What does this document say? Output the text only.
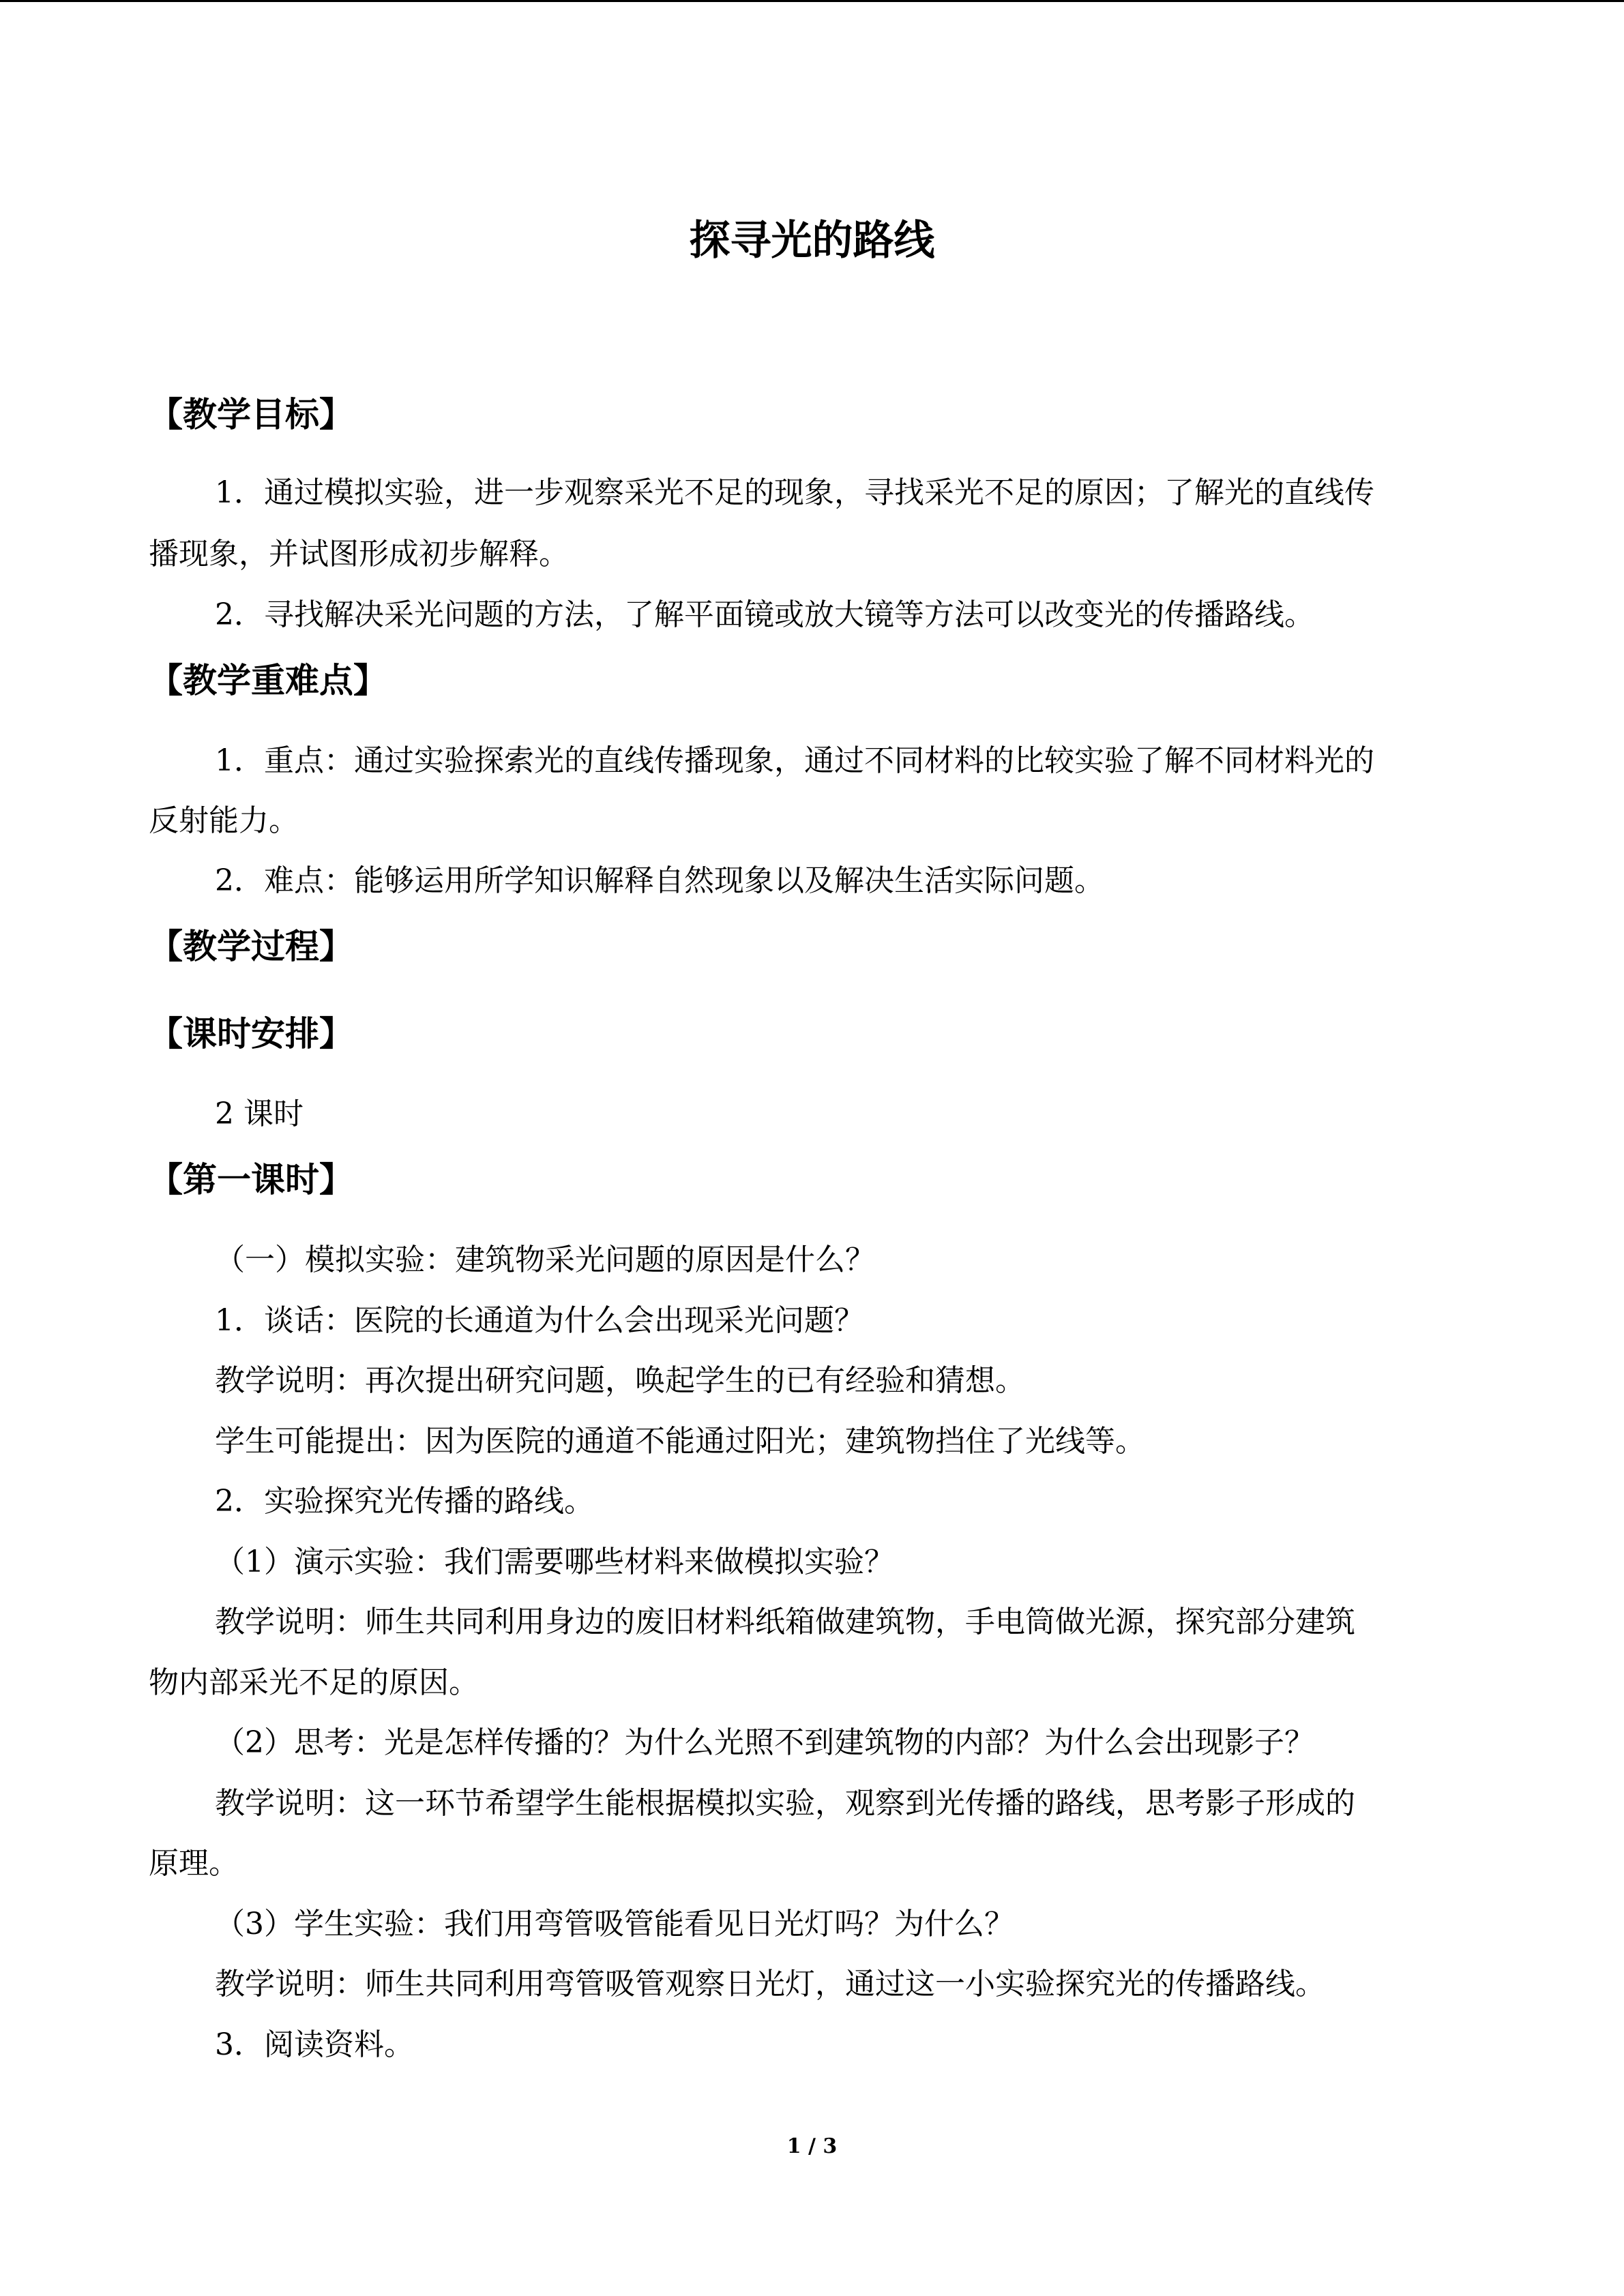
探寻光的路线
【教学目标】

1．通过模拟实验，进一步观察采光不足的现象，寻找采光不足的原因；了解光的直线传

播现象，并试图形成初步解释。

2．寻找解决采光问题的方法，了解平面镜或放大镜等方法可以改变光的传播路线。

【教学重难点】

1．重点：通过实验探索光的直线传播现象，通过不同材料的比较实验了解不同材料光的

反射能力。

2．难点：能够运用所学知识解释自然现象以及解决生活实际问题。

【教学过程】
【课时安排】

2 课时

【第一课时】

（一）模拟实验：建筑物采光问题的原因是什么？

1．谈话：医院的长通道为什么会出现采光问题？

教学说明：再次提出研究问题，唤起学生的已有经验和猜想。

学生可能提出：因为医院的通道不能通过阳光；建筑物挡住了光线等。

2．实验探究光传播的路线。

（1）演示实验：我们需要哪些材料来做模拟实验？

教学说明：师生共同利用身边的废旧材料纸箱做建筑物，手电筒做光源，探究部分建筑

物内部采光不足的原因。

（2）思考：光是怎样传播的？为什么光照不到建筑物的内部？为什么会出现影子？

教学说明：这一环节希望学生能根据模拟实验，观察到光传播的路线，思考影子形成的

原理。

（3）学生实验：我们用弯管吸管能看见日光灯吗？为什么？

教学说明：师生共同利用弯管吸管观察日光灯，通过这一小实验探究光的传播路线。

3．阅读资料。

1 / 3
